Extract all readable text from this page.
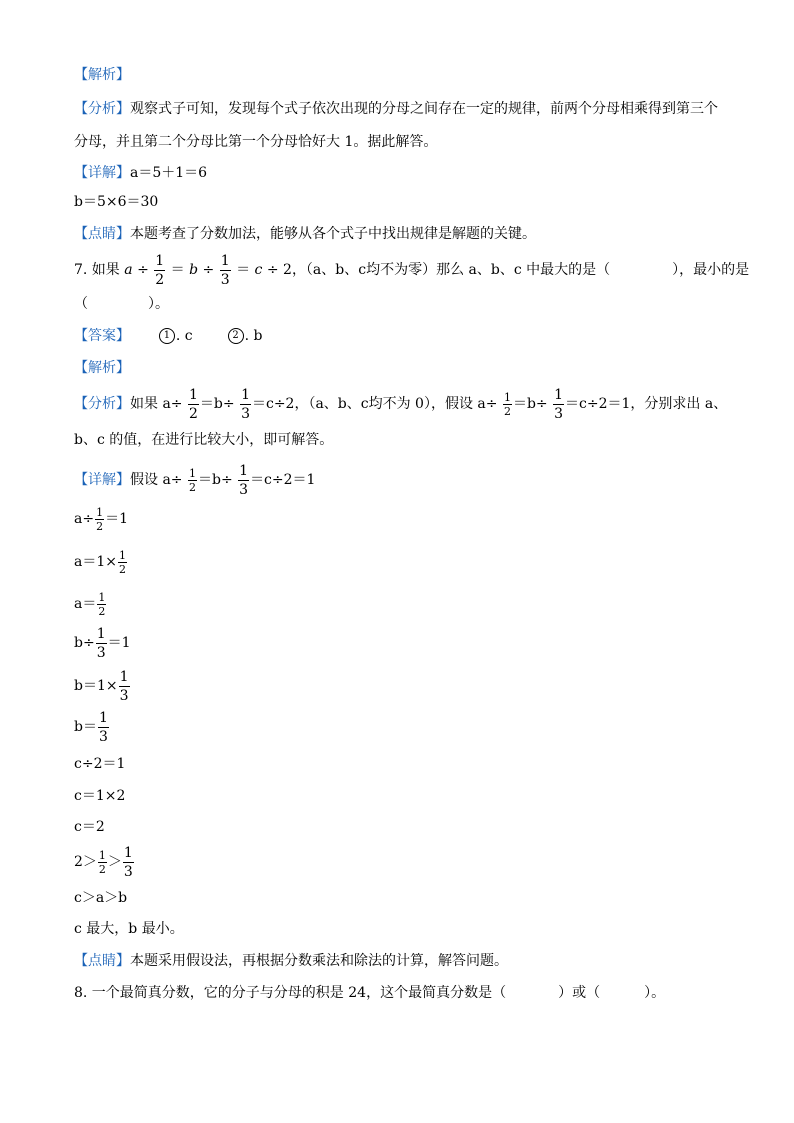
【解析】
【分析】观察式子可知，发现每个式子依次出现的分母之间存在一定的规律，前两个分母相乘得到第三个
分母，并且第二个分母比第一个分母恰好大 1。据此解答。
【详解】a＝5＋1＝6
b＝5×6＝30
【点睛】本题考查了分数加法，能够从各个式子中找出规律是解题的关键。
7. 如果 $a \div \frac{1}{2} = b \div \frac{1}{3} = c \div 2$，（a、b、c均不为零）那么 a、b、c 中最大的是（	），最小的是
（	）。
【答案】	1 . c	2 . b
【解析】
【分析】如果 $a\div \frac{1}{2} =b\div \frac{1}{3} =c\div 2$，（a、b、c均不为 0），假设 $a\div \frac{1}{2} =b\div \frac{1}{3} =c\div 2=1$，分别求出 a、
b、c 的值，在进行比较大小，即可解答。
【详解】假设 $a\div \frac{1}{2} =b\div \frac{1}{3} =c\div 2=1$
$a\div \frac{1}{2} =1$
$a=1\times \frac{1}{2}$
$a= \frac{1}{2}$
$b\div \frac{1}{3} =1$
$b=1\times \frac{1}{3}$
$b= \frac{1}{3}$
c÷2＝1
c＝1×2
c＝2
$2> \frac{1}{2} > \frac{1}{3}$
c＞a＞b
c 最大，b 最小。
【点睛】本题采用假设法，再根据分数乘法和除法的计算，解答问题。
8. 一个最简真分数，它的分子与分母的积是 24，这个最简真分数是（	）或（	）。
